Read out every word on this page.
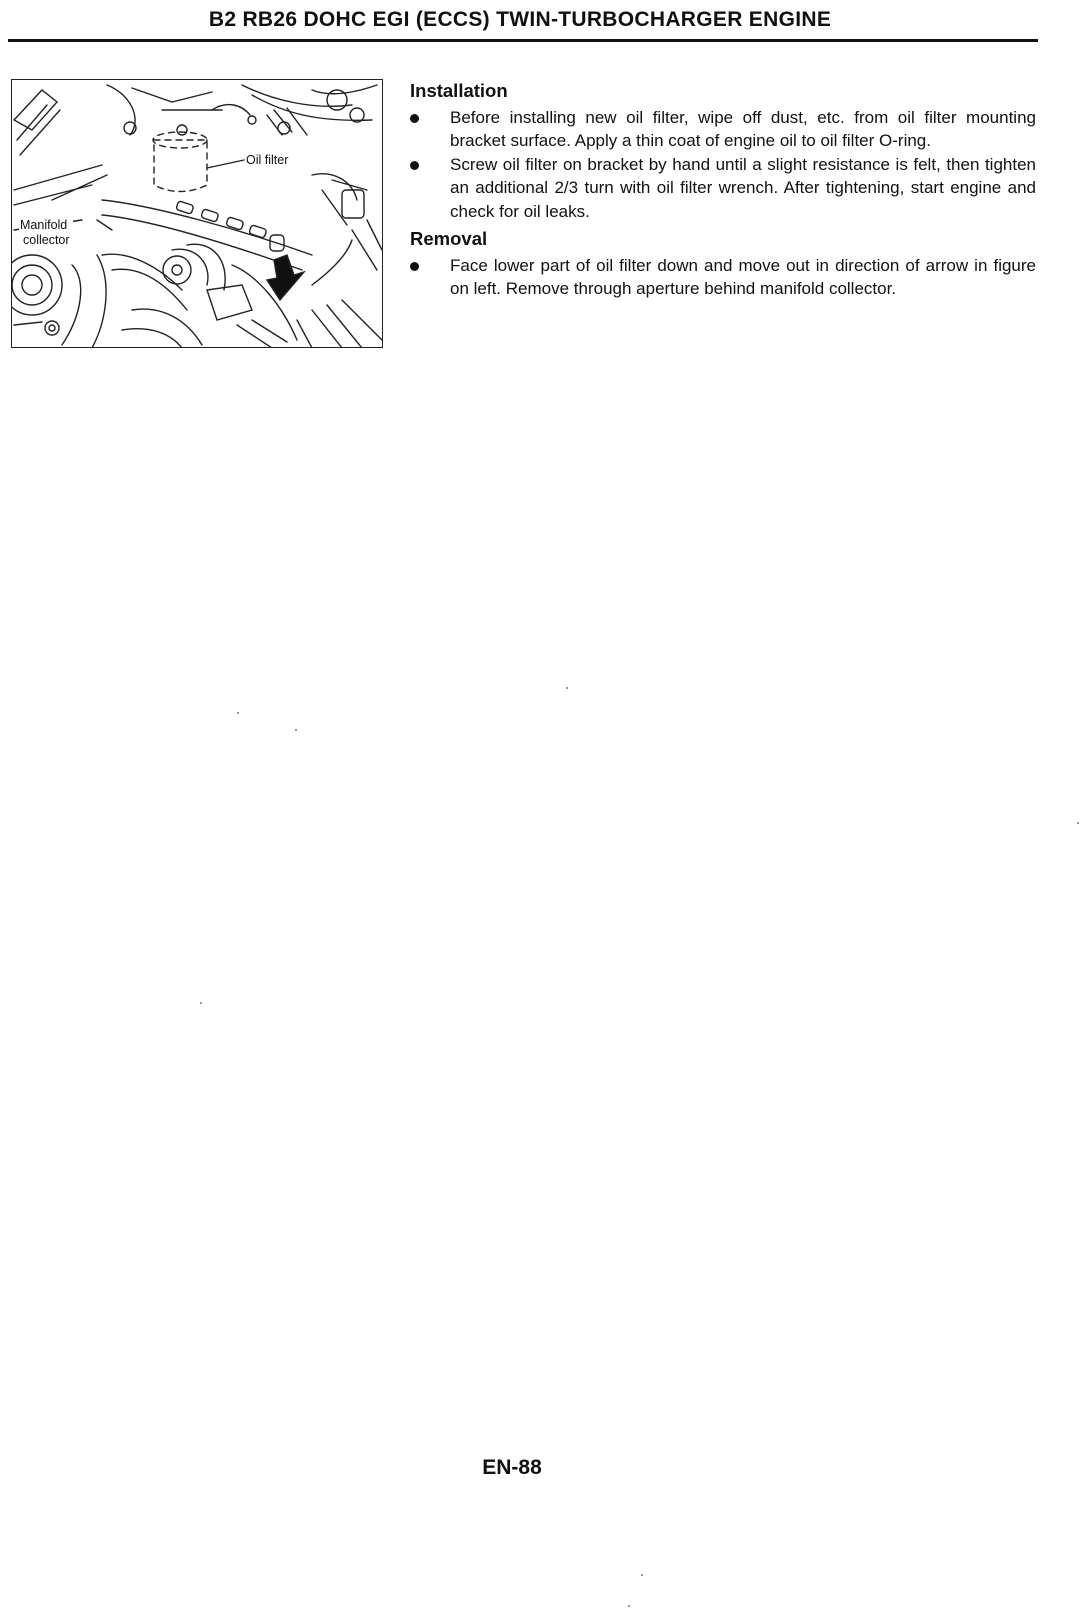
B2 RB26 DOHC EGI (ECCS) TWIN-TURBOCHARGER ENGINE
Oil filter
Manifold
collector
Installation
Before installing new oil filter, wipe off dust, etc. from oil filter mounting bracket surface. Apply a thin coat of engine oil to oil filter O-ring.
Screw oil filter on bracket by hand until a slight resistance is felt, then tighten an additional 2/3 turn with oil filter wrench. After tightening, start engine and check for oil leaks.
Removal
Face lower part of oil filter down and move out in direction of arrow in figure on left. Remove through aperture behind manifold collector.
EN-88
